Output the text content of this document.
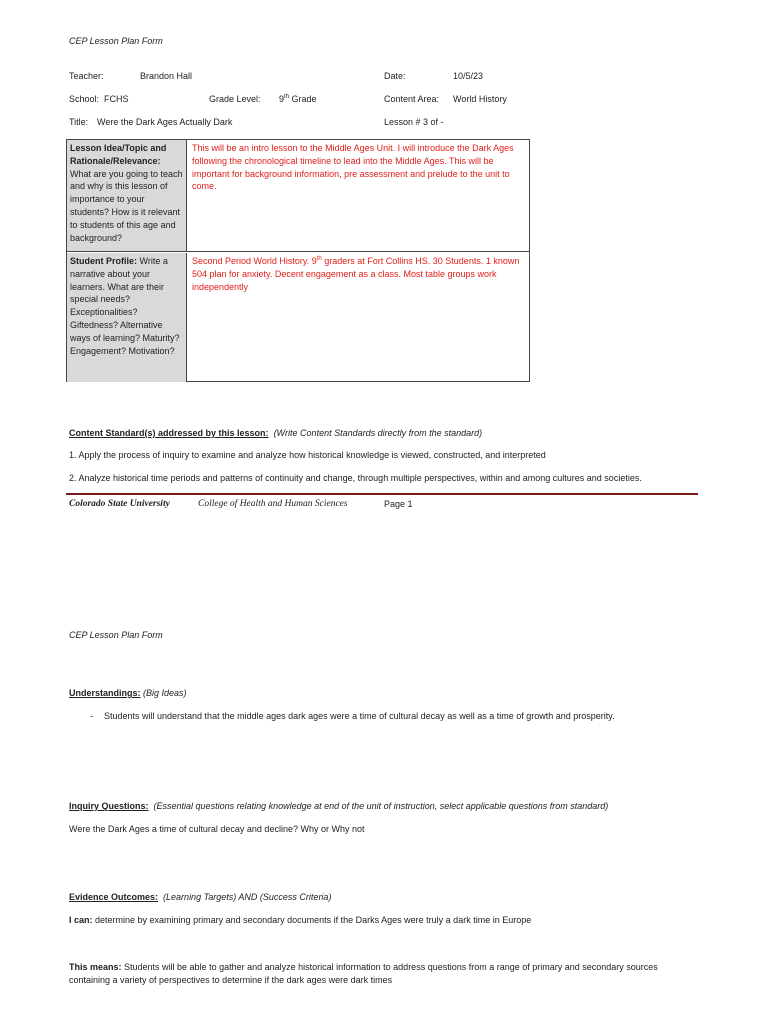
CEP Lesson Plan Form
Teacher:	Brandon Hall	Date:	10/5/23
School: FCHS	Grade Level: 9th Grade	Content Area: World History
Title: Were the Dark Ages Actually Dark	Lesson # 3 of -
Lesson Idea/Topic and Rationale/Relevance: What are you going to teach and why is this lesson of importance to your students? How is it relevant to students of this age and background?
This will be an intro lesson to the Middle Ages Unit. I will introduce the Dark Ages following the chronological timeline to lead into the Middle Ages. This will be important for background information, pre assessment and prelude to the unit to come.
Student Profile: Write a narrative about your learners. What are their special needs? Exceptionalities? Giftedness? Alternative ways of learning? Maturity? Engagement? Motivation?
Second Period World History. 9th graders at Fort Collins HS. 30 Students. 1 known 504 plan for anxiety. Decent engagement as a class. Most table groups work independently
Content Standard(s) addressed by this lesson: (Write Content Standards directly from the standard)
1. Apply the process of inquiry to examine and analyze how historical knowledge is viewed, constructed, and interpreted
2. Analyze historical time periods and patterns of continuity and change, through multiple perspectives, within and among cultures and societies.
Colorado State University	College of Health and Human Sciences	Page 1
CEP Lesson Plan Form
Understandings: (Big Ideas)
- Students will understand that the middle ages dark ages were a time of cultural decay as well as a time of growth and prosperity.
Inquiry Questions: (Essential questions relating knowledge at end of the unit of instruction, select applicable questions from standard)
Were the Dark Ages a time of cultural decay and decline? Why or Why not
Evidence Outcomes: (Learning Targets) AND (Success Criteria)
I can: determine by examining primary and secondary documents if the Darks Ages were truly a dark time in Europe

This means: Students will be able to gather and analyze historical information to address questions from a range of primary and secondary sources containing a variety of perspectives to determine if the dark ages were dark times
